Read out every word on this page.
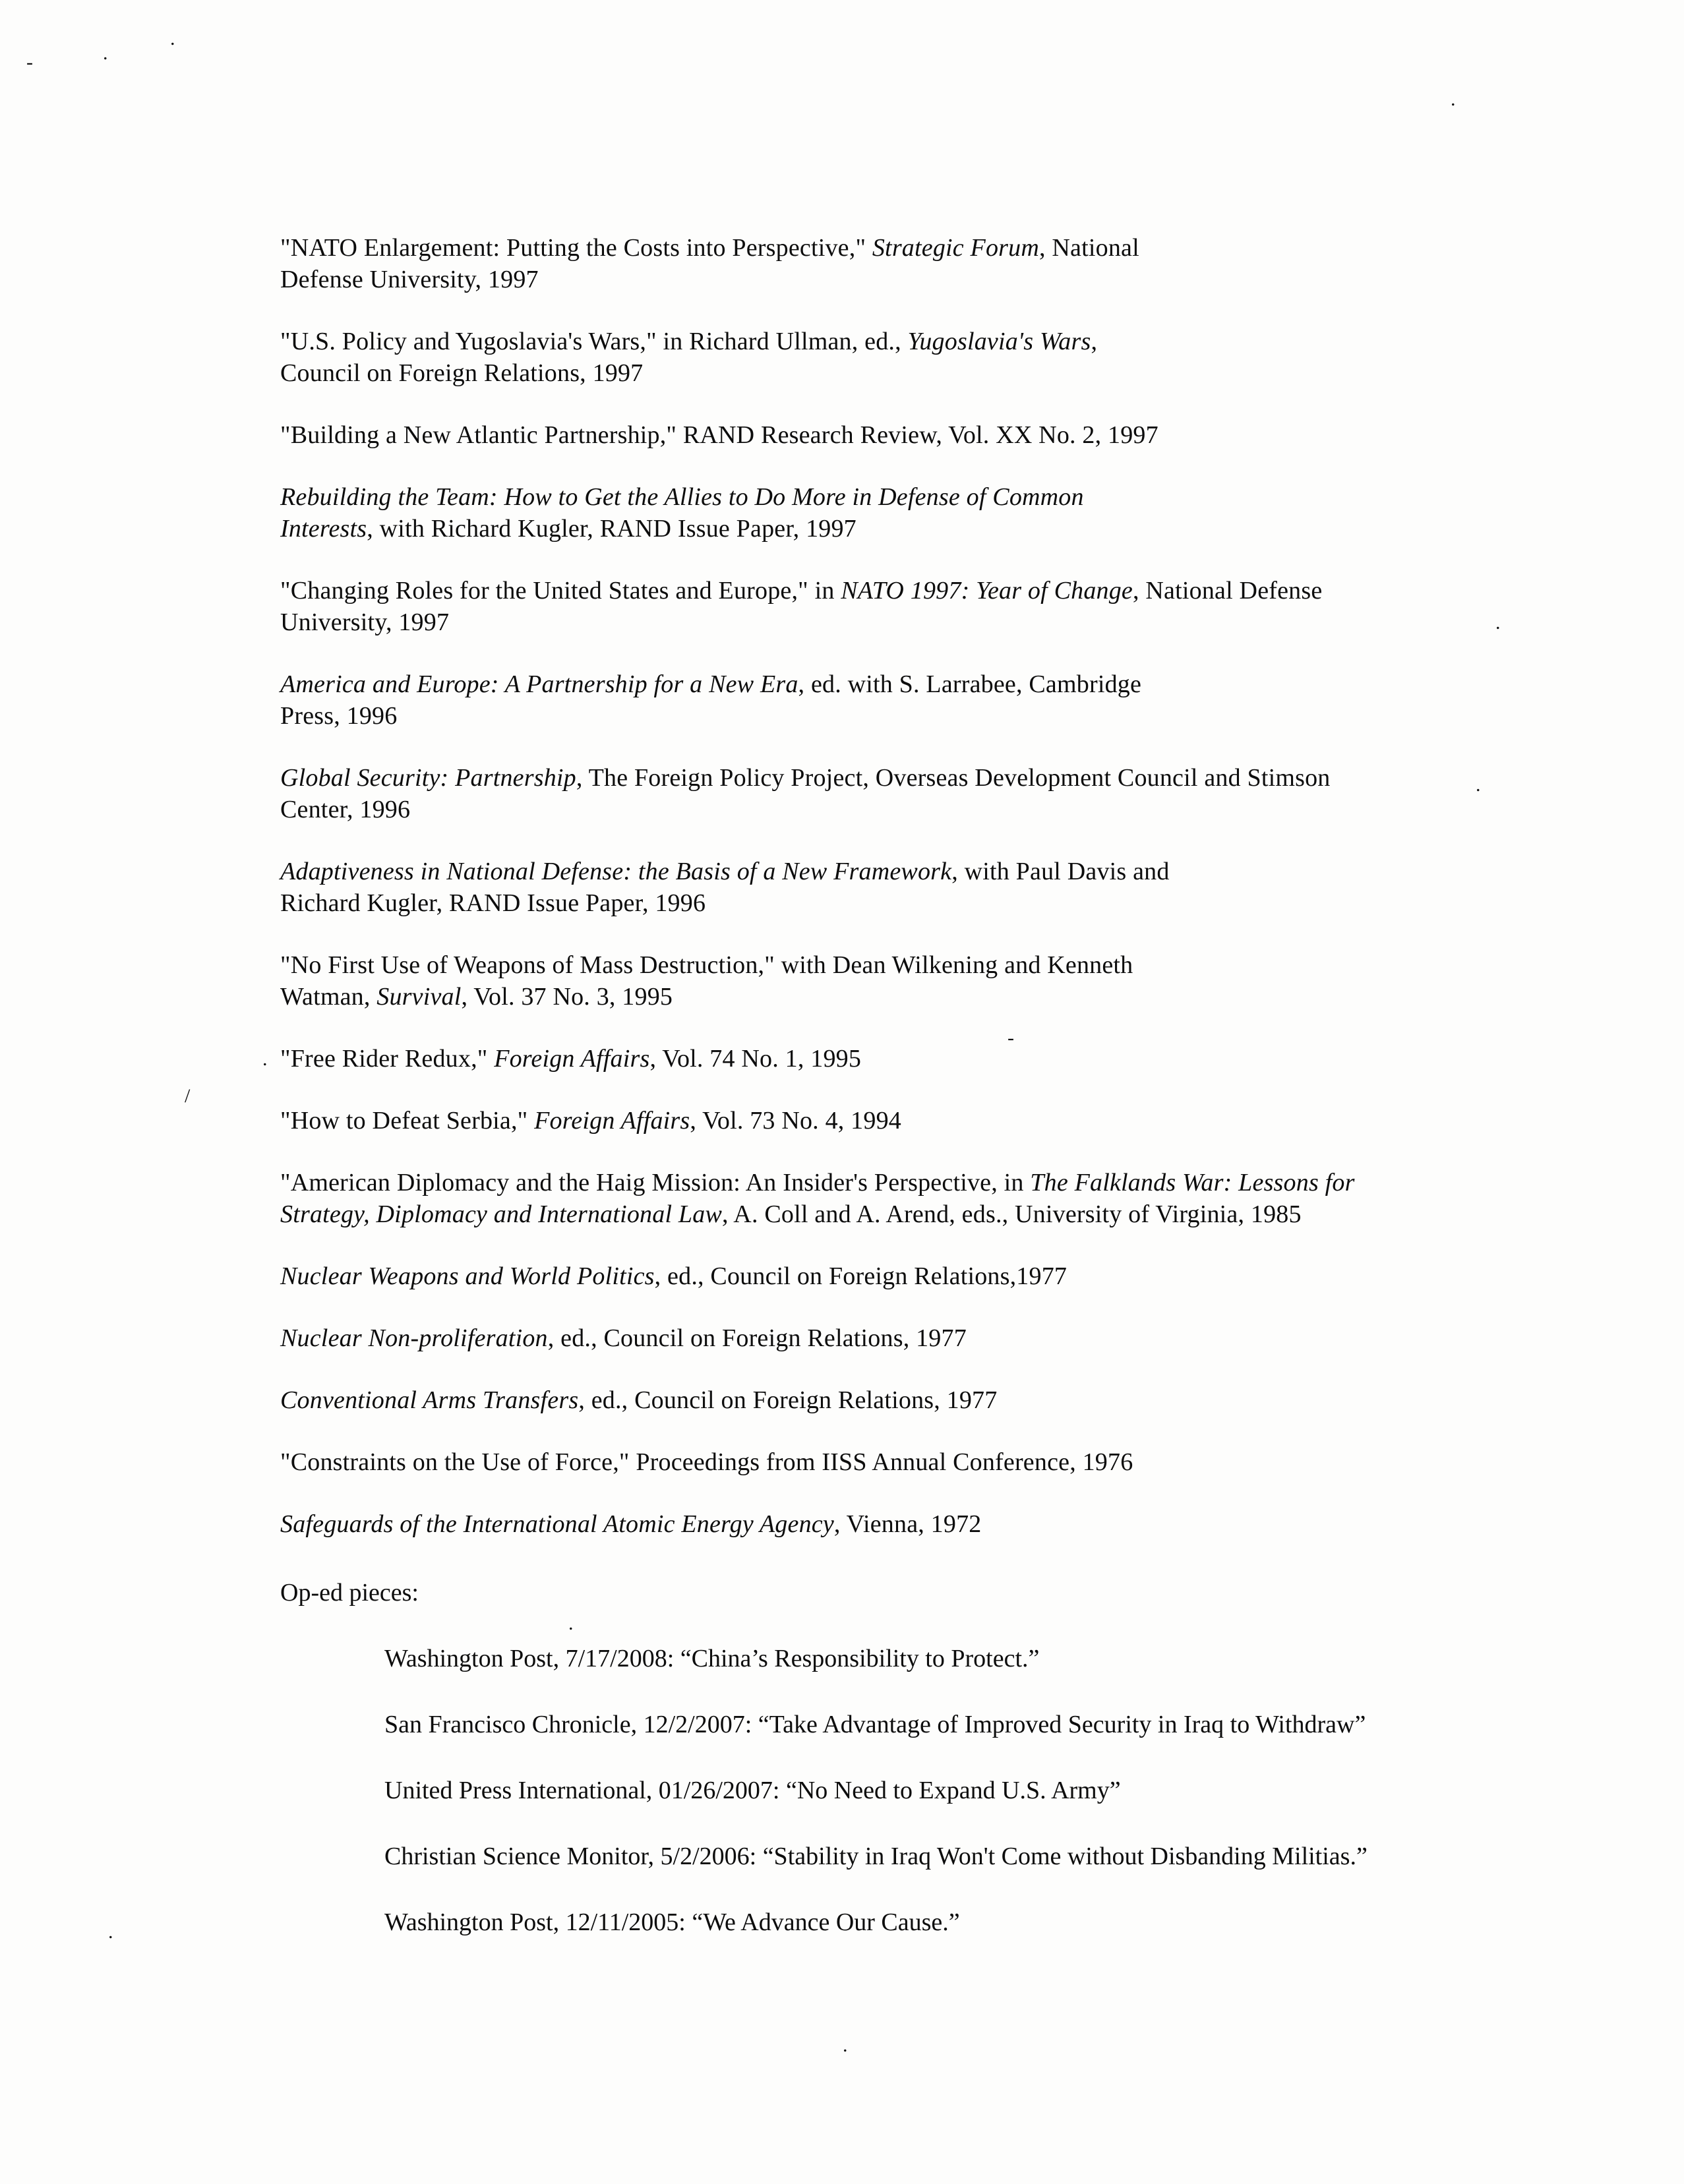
"NATO Enlargement: Putting the Costs into Perspective," Strategic Forum, National
Defense University, 1997
"U.S. Policy and Yugoslavia's Wars," in Richard Ullman, ed., Yugoslavia's Wars,
Council on Foreign Relations, 1997
"Building a New Atlantic Partnership," RAND Research Review, Vol. XX No. 2, 1997
Rebuilding the Team: How to Get the Allies to Do More in Defense of Common
Interests, with Richard Kugler, RAND Issue Paper, 1997
"Changing Roles for the United States and Europe," in NATO 1997: Year of Change, National Defense
University, 1997
America and Europe: A Partnership for a New Era, ed. with S. Larrabee, Cambridge
Press, 1996
Global Security: Partnership, The Foreign Policy Project, Overseas Development Council and Stimson
Center, 1996
Adaptiveness in National Defense: the Basis of a New Framework, with Paul Davis and
Richard Kugler, RAND Issue Paper, 1996
"No First Use of Weapons of Mass Destruction," with Dean Wilkening and Kenneth
Watman, Survival, Vol. 37 No. 3, 1995
"Free Rider Redux," Foreign Affairs, Vol. 74 No. 1, 1995
"How to Defeat Serbia," Foreign Affairs, Vol. 73 No. 4, 1994
"American Diplomacy and the Haig Mission: An Insider's Perspective, in The Falklands War: Lessons for
Strategy, Diplomacy and International Law, A. Coll and A. Arend, eds., University of Virginia, 1985
Nuclear Weapons and World Politics, ed., Council on Foreign Relations,1977
Nuclear Non-proliferation, ed., Council on Foreign Relations, 1977
Conventional Arms Transfers, ed., Council on Foreign Relations, 1977
"Constraints on the Use of Force," Proceedings from IISS Annual Conference, 1976
Safeguards of the International Atomic Energy Agency, Vienna, 1972
Op-ed pieces:
Washington Post, 7/17/2008: “China’s Responsibility to Protect.”
San Francisco Chronicle, 12/2/2007: “Take Advantage of Improved Security in Iraq to Withdraw”
United Press International, 01/26/2007: “No Need to Expand U.S. Army”
Christian Science Monitor, 5/2/2006: “Stability in Iraq Won't Come without Disbanding Militias.”
Washington Post, 12/11/2005: “We Advance Our Cause.”
-	.
.
.
.
.
.
/
-
.
.
.
